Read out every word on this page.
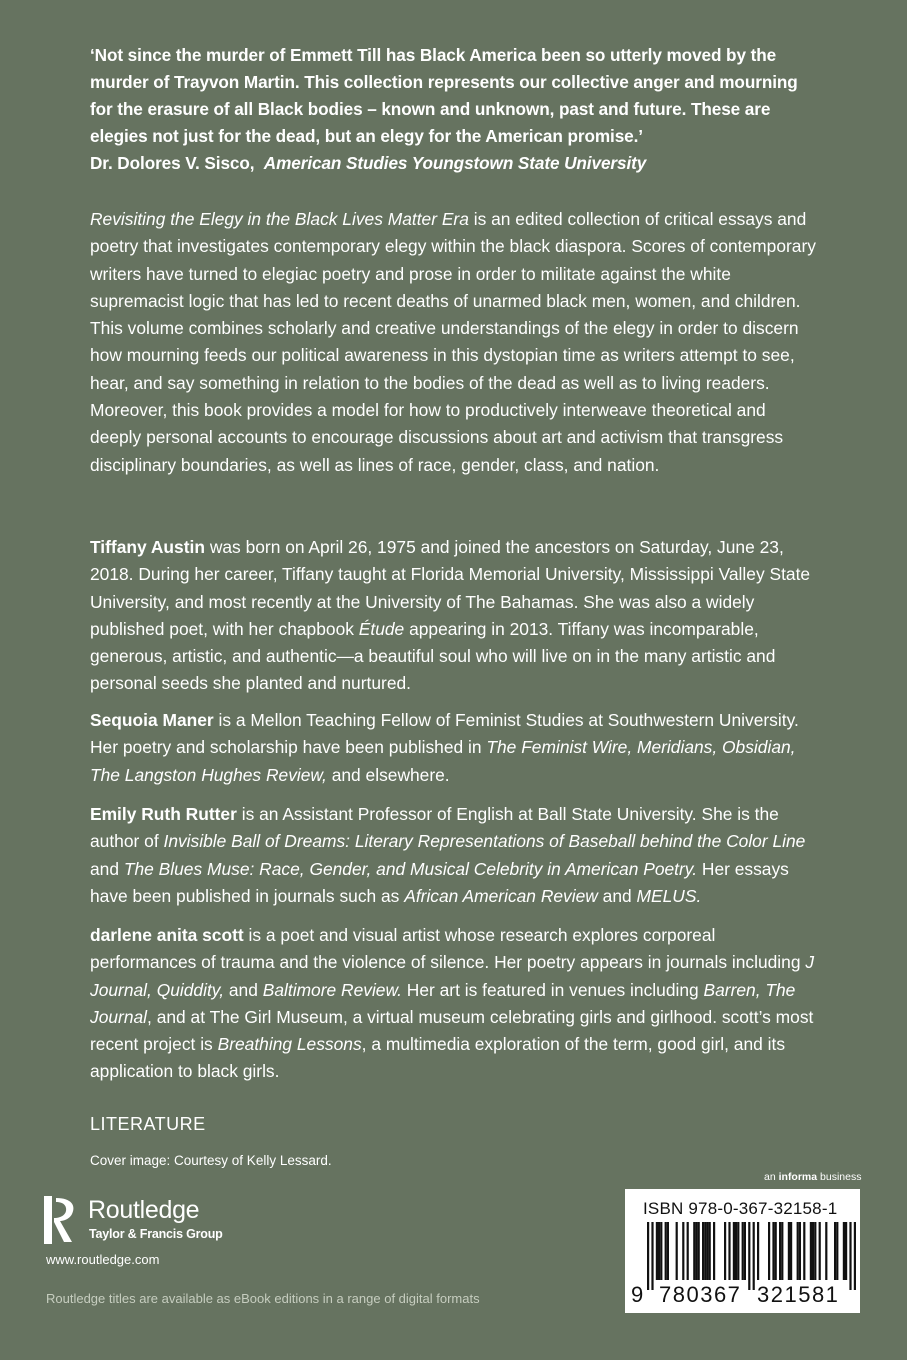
‘Not since the murder of Emmett Till has Black America been so utterly moved by the murder of Trayvon Martin. This collection represents our collective anger and mourning for the erasure of all Black bodies – known and unknown, past and future. These are elegies not just for the dead, but an elegy for the American promise.’
Dr. Dolores V. Sisco, American Studies Youngstown State University
Revisiting the Elegy in the Black Lives Matter Era is an edited collection of critical essays and poetry that investigates contemporary elegy within the black diaspora. Scores of contemporary writers have turned to elegiac poetry and prose in order to militate against the white supremacist logic that has led to recent deaths of unarmed black men, women, and children. This volume combines scholarly and creative understandings of the elegy in order to discern how mourning feeds our political awareness in this dystopian time as writers attempt to see, hear, and say something in relation to the bodies of the dead as well as to living readers. Moreover, this book provides a model for how to productively interweave theoretical and deeply personal accounts to encourage discussions about art and activism that transgress disciplinary boundaries, as well as lines of race, gender, class, and nation.
Tiffany Austin was born on April 26, 1975 and joined the ancestors on Saturday, June 23, 2018. During her career, Tiffany taught at Florida Memorial University, Mississippi Valley State University, and most recently at the University of The Bahamas. She was also a widely published poet, with her chapbook Étude appearing in 2013. Tiffany was incomparable, generous, artistic, and authentic—a beautiful soul who will live on in the many artistic and personal seeds she planted and nurtured.
Sequoia Maner is a Mellon Teaching Fellow of Feminist Studies at Southwestern University. Her poetry and scholarship have been published in The Feminist Wire, Meridians, Obsidian, The Langston Hughes Review, and elsewhere.
Emily Ruth Rutter is an Assistant Professor of English at Ball State University. She is the author of Invisible Ball of Dreams: Literary Representations of Baseball behind the Color Line and The Blues Muse: Race, Gender, and Musical Celebrity in American Poetry. Her essays have been published in journals such as African American Review and MELUS.
darlene anita scott is a poet and visual artist whose research explores corporeal performances of trauma and the violence of silence. Her poetry appears in journals including J Journal, Quiddity, and Baltimore Review. Her art is featured in venues including Barren, The Journal, and at The Girl Museum, a virtual museum celebrating girls and girlhood. scott’s most recent project is Breathing Lessons, a multimedia exploration of the term, good girl, and its application to black girls.
LITERATURE
Cover image: Courtesy of Kelly Lessard.
Routledge
Taylor & Francis Group
www.routledge.com
Routledge titles are available as eBook editions in a range of digital formats
an informa business
ISBN 978-0-367-32158-1
9 780367 321581
